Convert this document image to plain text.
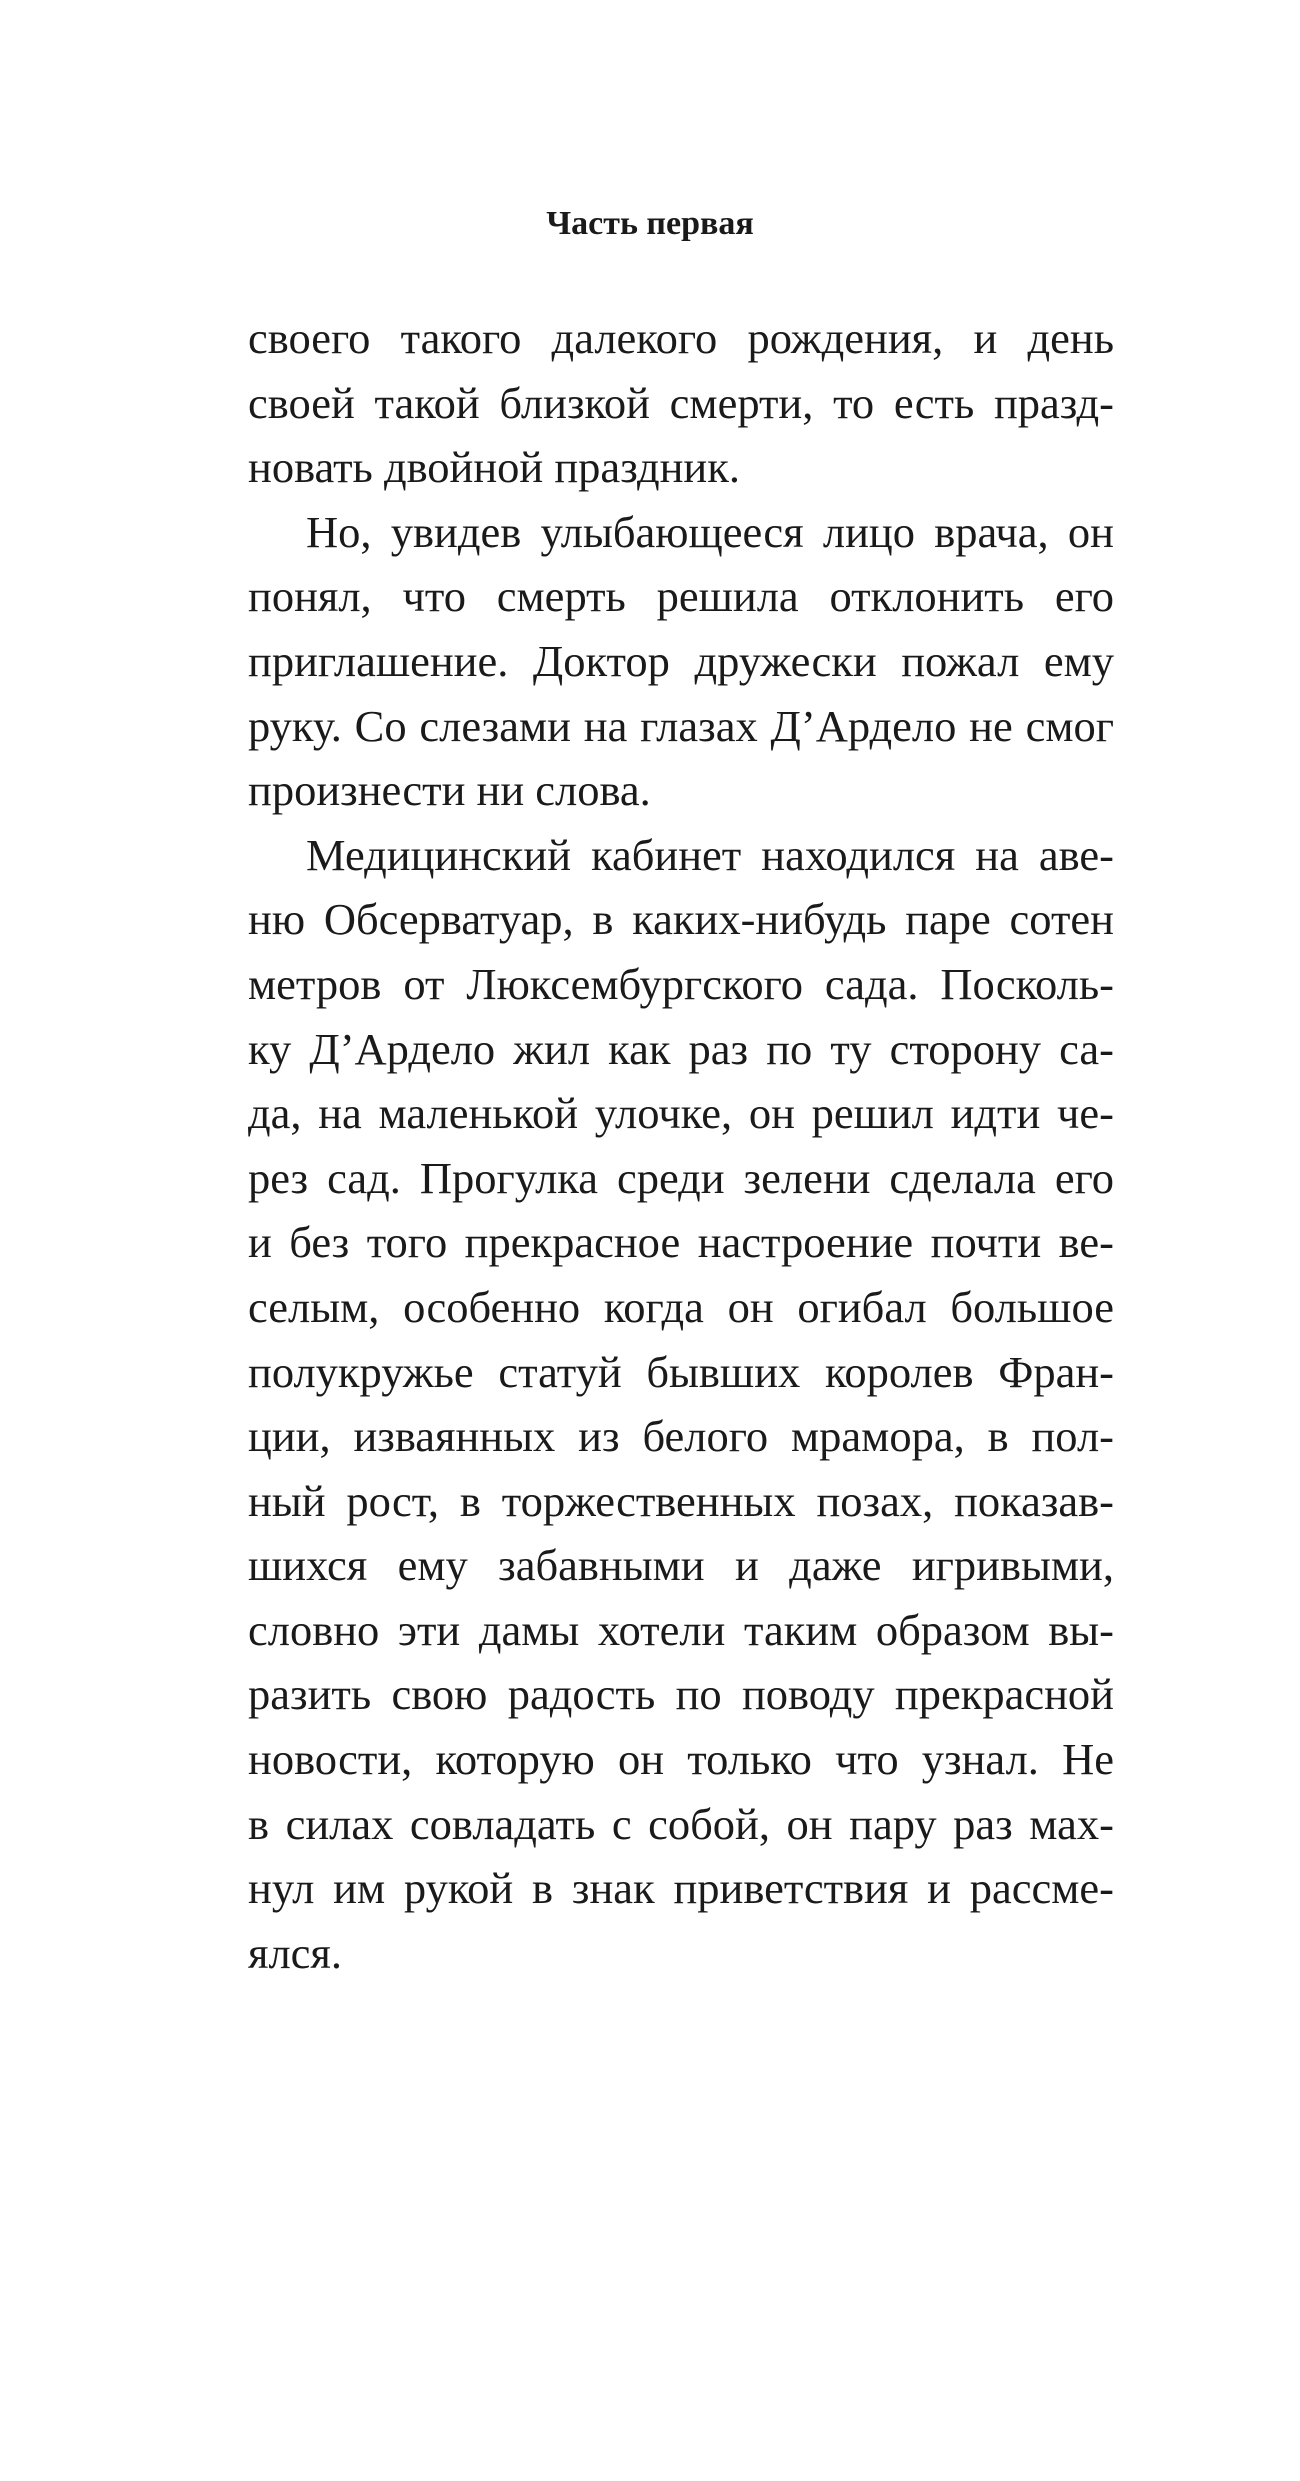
Часть первая
своего такого далекого рождения, и день
своей такой близкой смерти, то есть празд-
новать двойной праздник.
Но, увидев улыбающееся лицо врача, он
понял, что смерть решила отклонить его
приглашение. Доктор дружески пожал ему
руку. Со слезами на глазах Д’Ардело не смог
произнести ни слова.
Медицинский кабинет находился на аве-
ню Обсерватуар, в каких-нибудь паре сотен
метров от Люксембургского сада. Посколь-
ку Д’Ардело жил как раз по ту сторону са-
да, на маленькой улочке, он решил идти че-
рез сад. Прогулка среди зелени сделала его
и без того прекрасное настроение почти ве-
селым, особенно когда он огибал большое
полукружье статуй бывших королев Фран-
ции, изваянных из белого мрамора, в пол-
ный рост, в торжественных позах, показав-
шихся ему забавными и даже игривыми,
словно эти дамы хотели таким образом вы-
разить свою радость по поводу прекрасной
новости, которую он только что узнал. Не
в силах совладать с собой, он пару раз мах-
нул им рукой в знак приветствия и рассме-
ялся.
